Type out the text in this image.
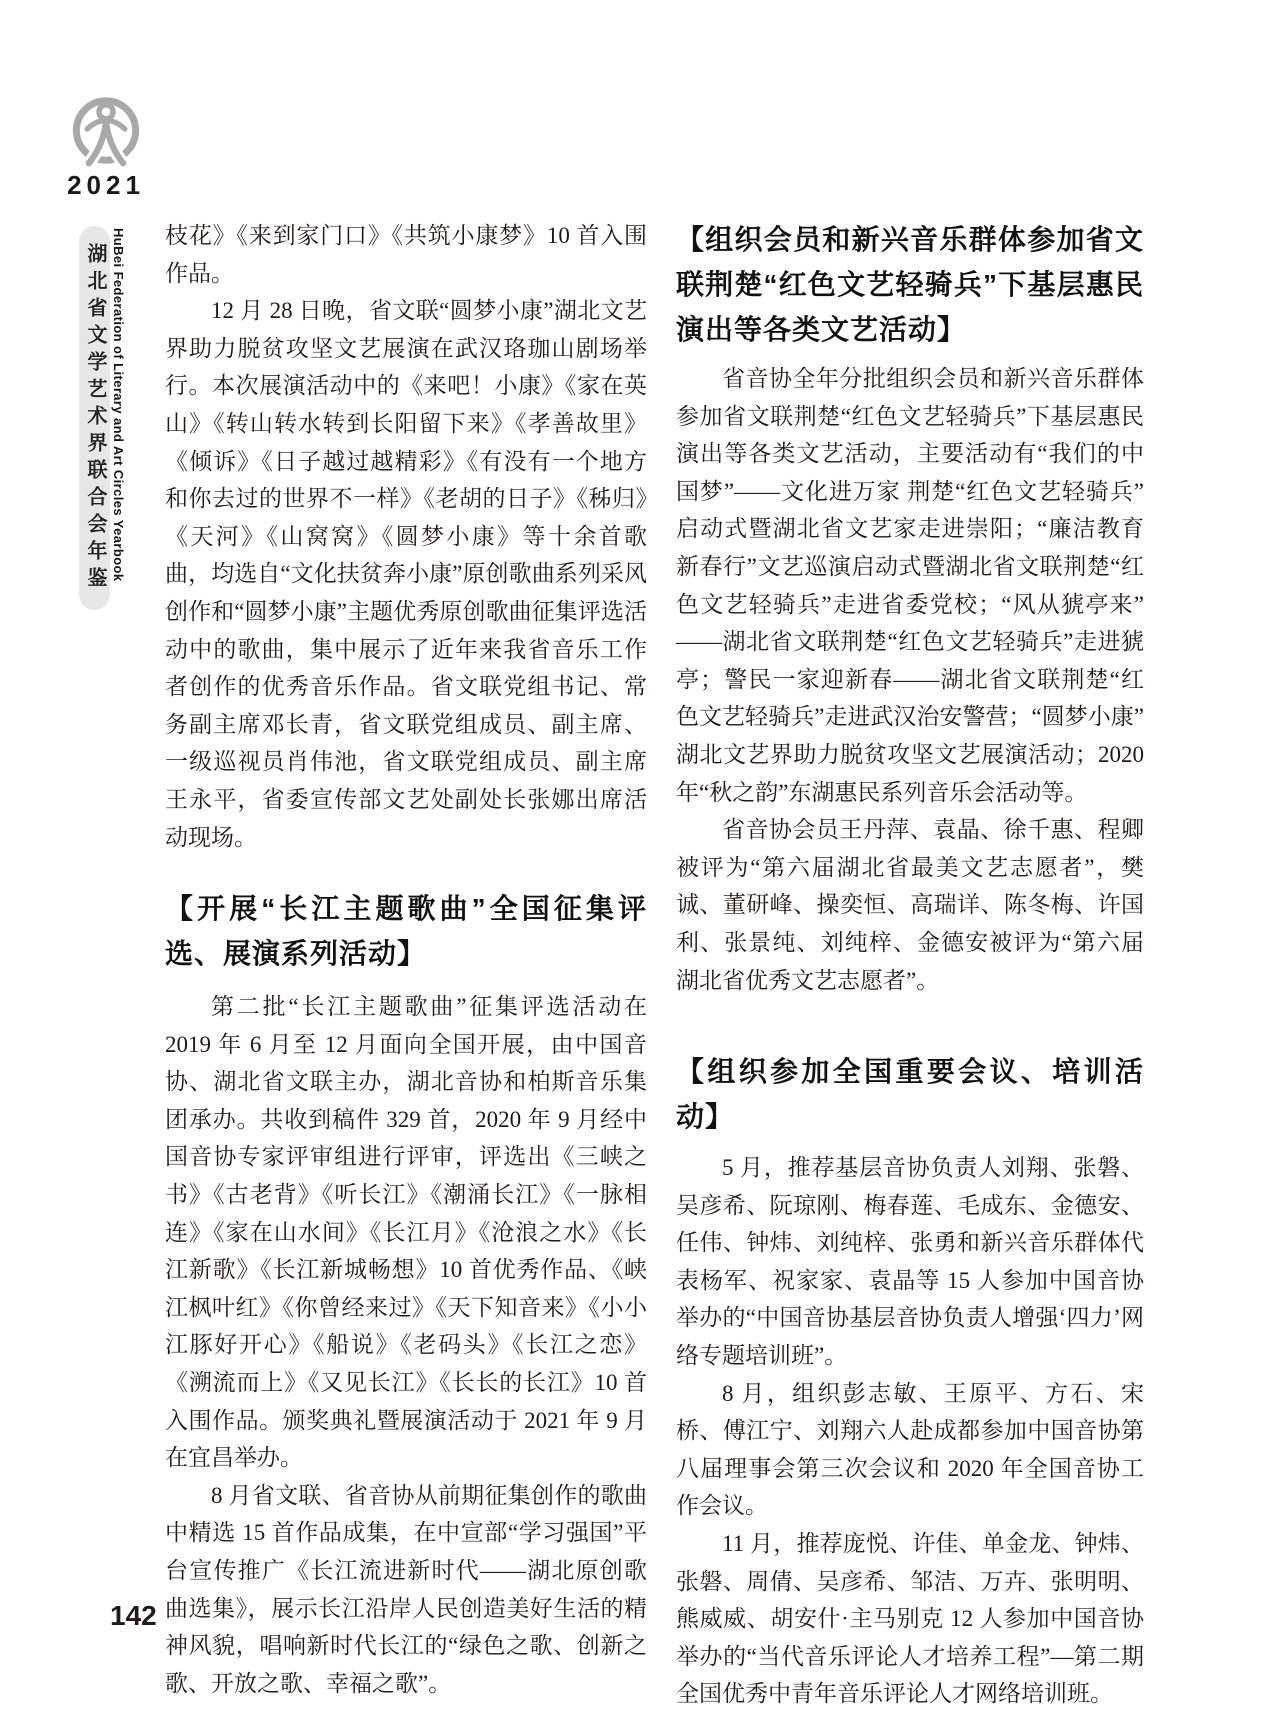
2021
湖北省文学艺术界联合会年鉴 HuBei Federation of Literary and Art Circles Yearbook 枝花》《来到家门口》《共筑小康梦》10 首入围作品。

12 月 28 日晚，省文联“圆梦小康”湖北文艺界助力脱贫攻坚文艺展演在武汉珞珈山剧场举行。本次展演活动中的《来吧！小康》《家在英山》《转山转水转到长阳留下来》《孝善故里》《倾诉》《日子越过越精彩》《有没有一个地方和你去过的世界不一样》《老胡的日子》《秭归》《天河》《山窝窝》《圆梦小康》等十余首歌曲，均选自“文化扶贫奔小康”原创歌曲系列采风创作和“圆梦小康”主题优秀原创歌曲征集评选活动中的歌曲，集中展示了近年来我省音乐工作者创作的优秀音乐作品。省文联党组书记、常务副主席邓长青，省文联党组成员、副主席、一级巡视员肖伟池，省文联党组成员、副主席王永平，省委宣传部文艺处副处长张娜出席活动现场。

【开展“长江主题歌曲”全国征集评选、展演系列活动】

第二批“长江主题歌曲”征集评选活动在 2019 年 6 月至 12 月面向全国开展，由中国音协、湖北省文联主办，湖北音协和柏斯音乐集团承办。共收到稿件 329 首，2020 年 9 月经中国音协专家评审组进行评审，评选出《三峡之书》《古老背》《听长江》《潮涌长江》《一脉相连》《家在山水间》《长江月》《沧浪之水》《长江新歌》《长江新城畅想》10 首优秀作品、《峡江枫叶红》《你曾经来过》《天下知音来》《小小江豚好开心》《船说》《老码头》《长江之恋》《溯流而上》《又见长江》《长长的长江》10 首入围作品。颁奖典礼暨展演活动于 2021 年 9 月在宜昌举办。

8 月省文联、省音协从前期征集创作的歌曲中精选 15 首作品成集，在中宣部“学习强国”平台宣传推广《长江流进新时代——湖北原创歌曲选集》，展示长江沿岸人民创造美好生活的精神风貌，唱响新时代长江的“绿色之歌、创新之歌、开放之歌、幸福之歌”。

【组织会员和新兴音乐群体参加省文联荆楚“红色文艺轻骑兵”下基层惠民演出等各类文艺活动】

省音协全年分批组织会员和新兴音乐群体参加省文联荆楚“红色文艺轻骑兵”下基层惠民演出等各类文艺活动，主要活动有“我们的中国梦”——文化进万家 荆楚“红色文艺轻骑兵”启动式暨湖北省文艺家走进崇阳；“廉洁教育新春行”文艺巡演启动式暨湖北省文联荆楚“红色文艺轻骑兵”走进省委党校；“风从猇亭来”——湖北省文联荆楚“红色文艺轻骑兵”走进猇亭；警民一家迎新春——湖北省文联荆楚“红色文艺轻骑兵”走进武汉治安警营；“圆梦小康”湖北文艺界助力脱贫攻坚文艺展演活动；2020 年“秋之韵”东湖惠民系列音乐会活动等。

省音协会员王丹萍、袁晶、徐千惠、程卿被评为“第六届湖北省最美文艺志愿者”，樊诚、董研峰、操奕恒、高瑞详、陈冬梅、许国利、张景纯、刘纯梓、金德安被评为“第六届湖北省优秀文艺志愿者”。

【组织参加全国重要会议、培训活动】

5 月，推荐基层音协负责人刘翔、张磐、吴彦希、阮琼刚、梅春莲、毛成东、金德安、任伟、钟炜、刘纯梓、张勇和新兴音乐群体代表杨军、祝家家、袁晶等 15 人参加中国音协举办的“中国音协基层音协负责人增强‘四力’网络专题培训班”。

8 月，组织彭志敏、王原平、方石、宋桥、傅江宁、刘翔六人赴成都参加中国音协第八届理事会第三次会议和 2020 年全国音协工作会议。

11 月，推荐庞悦、许佳、单金龙、钟炜、张磐、周倩、吴彦希、邹洁、万卉、张明明、熊威威、胡安什·主马别克 12 人参加中国音协举办的“当代音乐评论人才培养工程”—第二期全国优秀中青年音乐评论人才网络培训班。

142
